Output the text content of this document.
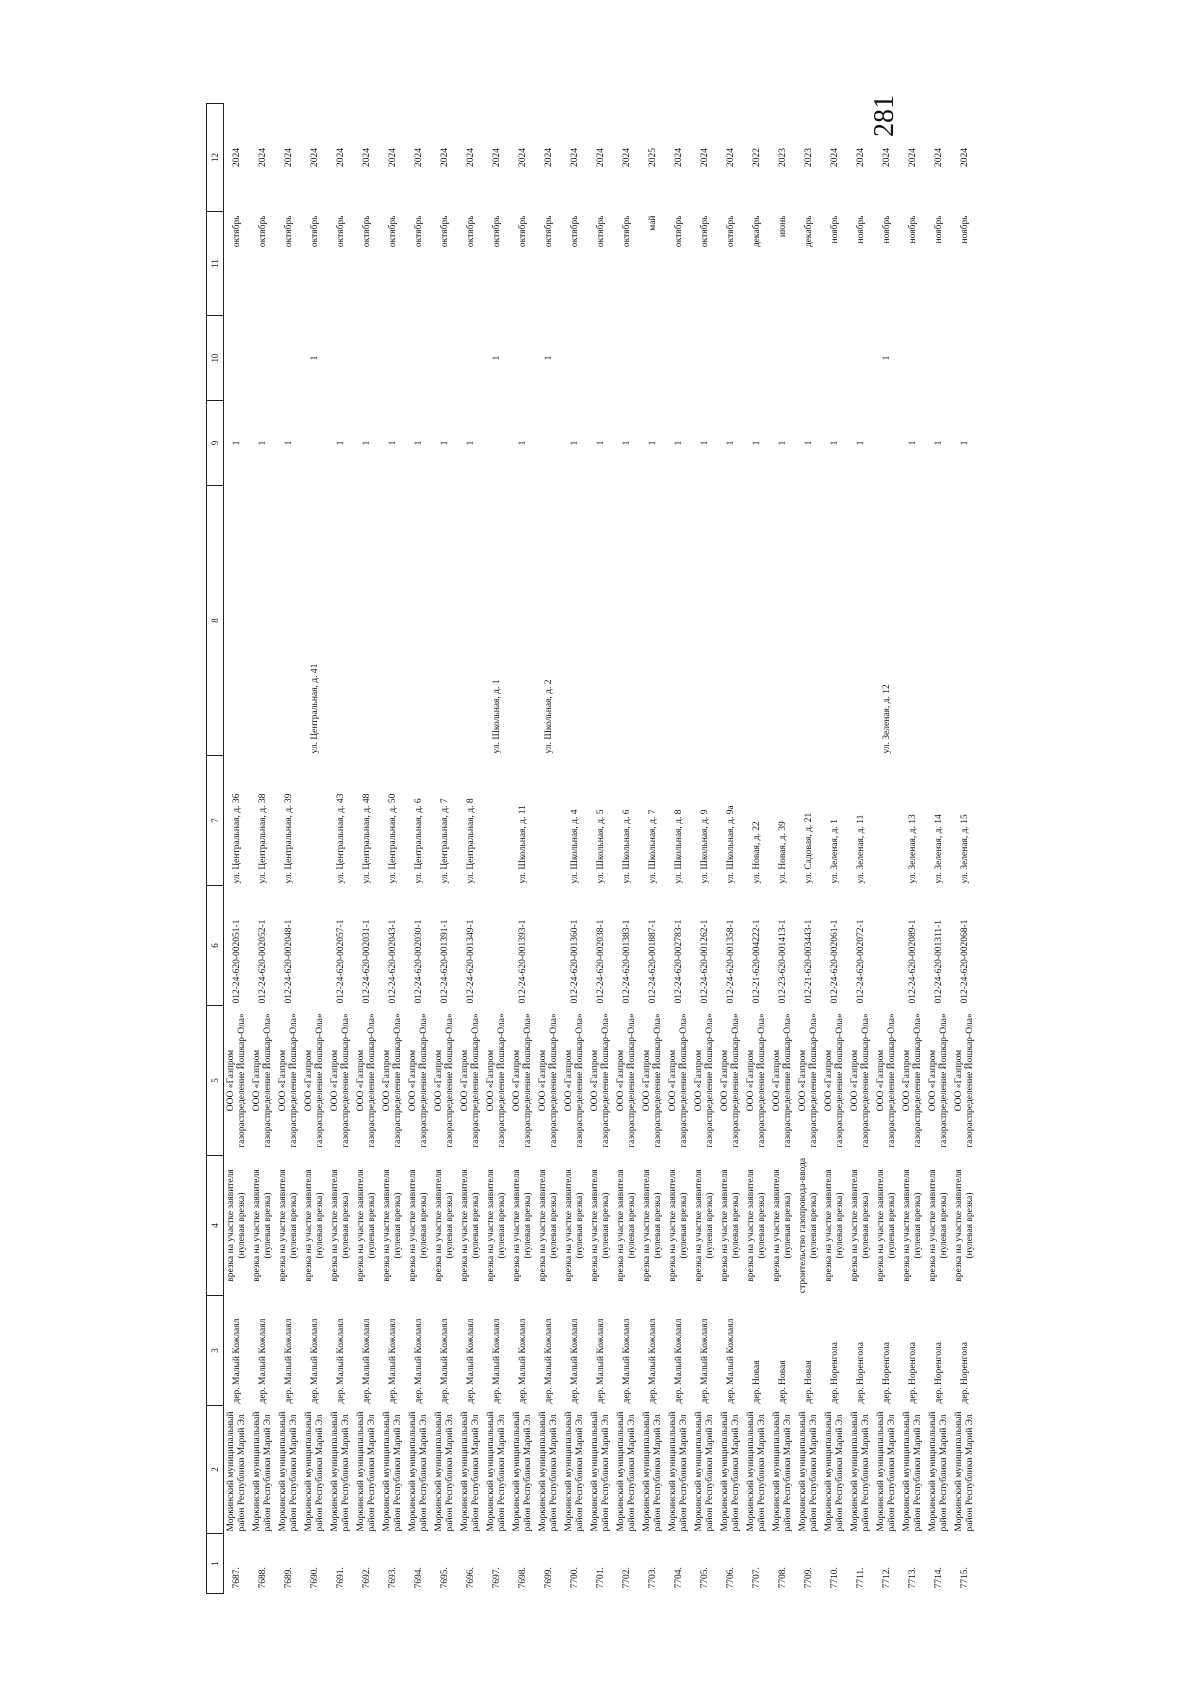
281
1	2	3	4	5	6	7	8	9	10	11	12
7687.	Моркинский муниципальный район Республики Марий Эл	дер. Малый Кожлаял	врезка на участке заявителя (нулевая врезка)	ООО «Газпром газораспределение Йошкар-Ола»	012-24-620-002051-1	ул. Центральная, д. 36		1		октябрь	2024
7688.	Моркинский муниципальный район Республики Марий Эл	дер. Малый Кожлаял	врезка на участке заявителя (нулевая врезка)	ООО «Газпром газораспределение Йошкар-Ола»	012-24-620-002052-1	ул. Центральная, д. 38		1		октябрь	2024
7689.	Моркинский муниципальный район Республики Марий Эл	дер. Малый Кожлаял	врезка на участке заявителя (нулевая врезка)	ООО «Газпром газораспределение Йошкар-Ола»	012-24-620-002048-1	ул. Центральная, д. 39		1		октябрь	2024
7690.	Моркинский муниципальный район Республики Марий Эл	дер. Малый Кожлаял	врезка на участке заявителя (нулевая врезка)	ООО «Газпром газораспределение Йошкар-Ола»			ул. Центральная, д. 41		1	октябрь	2024
7691.	Моркинский муниципальный район Республики Марий Эл	дер. Малый Кожлаял	врезка на участке заявителя (нулевая врезка)	ООО «Газпром газораспределение Йошкар-Ола»	012-24-620-002057-1	ул. Центральная, д. 43		1		октябрь	2024
7692.	Моркинский муниципальный район Республики Марий Эл	дер. Малый Кожлаял	врезка на участке заявителя (нулевая врезка)	ООО «Газпром газораспределение Йошкар-Ола»	012-24-620-002031-1	ул. Центральная, д. 48		1		октябрь	2024
7693.	Моркинский муниципальный район Республики Марий Эл	дер. Малый Кожлаял	врезка на участке заявителя (нулевая врезка)	ООО «Газпром газораспределение Йошкар-Ола»	012-24-620-002043-1	ул. Центральная, д. 50		1		октябрь	2024
7694.	Моркинский муниципальный район Республики Марий Эл	дер. Малый Кожлаял	врезка на участке заявителя (нулевая врезка)	ООО «Газпром газораспределение Йошкар-Ола»	012-24-620-002030-1	ул. Центральная, д. 6		1		октябрь	2024
7695.	Моркинский муниципальный район Республики Марий Эл	дер. Малый Кожлаял	врезка на участке заявителя (нулевая врезка)	ООО «Газпром газораспределение Йошкар-Ола»	012-24-620-001391-1	ул. Центральная, д. 7		1		октябрь	2024
7696.	Моркинский муниципальный район Республики Марий Эл	дер. Малый Кожлаял	врезка на участке заявителя (нулевая врезка)	ООО «Газпром газораспределение Йошкар-Ола»	012-24-620-001349-1	ул. Центральная, д. 8		1		октябрь	2024
7697.	Моркинский муниципальный район Республики Марий Эл	дер. Малый Кожлаял	врезка на участке заявителя (нулевая врезка)	ООО «Газпром газораспределение Йошкар-Ола»			ул. Школьная, д. 1		1	октябрь	2024
7698.	Моркинский муниципальный район Республики Марий Эл	дер. Малый Кожлаял	врезка на участке заявителя (нулевая врезка)	ООО «Газпром газораспределение Йошкар-Ола»	012-24-620-001393-1	ул. Школьная, д. 11		1		октябрь	2024
7699.	Моркинский муниципальный район Республики Марий Эл	дер. Малый Кожлаял	врезка на участке заявителя (нулевая врезка)	ООО «Газпром газораспределение Йошкар-Ола»			ул. Школьная, д. 2		1	октябрь	2024
7700.	Моркинский муниципальный район Республики Марий Эл	дер. Малый Кожлаял	врезка на участке заявителя (нулевая врезка)	ООО «Газпром газораспределение Йошкар-Ола»	012-24-620-001360-1	ул. Школьная, д. 4		1		октябрь	2024
7701.	Моркинский муниципальный район Республики Марий Эл	дер. Малый Кожлаял	врезка на участке заявителя (нулевая врезка)	ООО «Газпром газораспределение Йошкар-Ола»	012-24-620-002038-1	ул. Школьная, д. 5		1		октябрь	2024
7702.	Моркинский муниципальный район Республики Марий Эл	дер. Малый Кожлаял	врезка на участке заявителя (нулевая врезка)	ООО «Газпром газораспределение Йошкар-Ола»	012-24-620-001383-1	ул. Школьная, д. 6		1		октябрь	2024
7703.	Моркинский муниципальный район Республики Марий Эл	дер. Малый Кожлаял	врезка на участке заявителя (нулевая врезка)	ООО «Газпром газораспределение Йошкар-Ола»	012-24-620-001887-1	ул. Школьная, д. 7		1		май	2025
7704.	Моркинский муниципальный район Республики Марий Эл	дер. Малый Кожлаял	врезка на участке заявителя (нулевая врезка)	ООО «Газпром газораспределение Йошкар-Ола»	012-24-620-002783-1	ул. Школьная, д. 8		1		октябрь	2024
7705.	Моркинский муниципальный район Республики Марий Эл	дер. Малый Кожлаял	врезка на участке заявителя (нулевая врезка)	ООО «Газпром газораспределение Йошкар-Ола»	012-24-620-001262-1	ул. Школьная, д. 9		1		октябрь	2024
7706.	Моркинский муниципальный район Республики Марий Эл	дер. Малый Кожлаял	врезка на участке заявителя (нулевая врезка)	ООО «Газпром газораспределение Йошкар-Ола»	012-24-620-001358-1	ул. Школьная, д. 9а		1		октябрь	2024
7707.	Моркинский муниципальный район Республики Марий Эл	дер. Новая	врезка на участке заявителя (нулевая врезка)	ООО «Газпром газораспределение Йошкар-Ола»	012-21-620-004222-1	ул. Новая, д. 22		1		декабрь	2022
7708.	Моркинский муниципальный район Республики Марий Эл	дер. Новая	врезка на участке заявителя (нулевая врезка)	ООО «Газпром газораспределение Йошкар-Ола»	012-23-620-001413-1	ул. Новая, д. 39		1		июнь	2023
7709.	Моркинский муниципальный район Республики Марий Эл	дер. Новая	строительство газопровода-ввода (нулевая врезка)	ООО «Газпром газораспределение Йошкар-Ола»	012-21-620-003443-1	ул. Садовая, д. 21		1		декабрь	2023
7710.	Моркинский муниципальный район Республики Марий Эл	дер. Норенгола	врезка на участке заявителя (нулевая врезка)	ООО «Газпром газораспределение Йошкар-Ола»	012-24-620-002061-1	ул. Зеленая, д. 1		1		ноябрь	2024
7711.	Моркинский муниципальный район Республики Марий Эл	дер. Норенгола	врезка на участке заявителя (нулевая врезка)	ООО «Газпром газораспределение Йошкар-Ола»	012-24-620-002072-1	ул. Зеленая, д. 11		1		ноябрь	2024
7712.	Моркинский муниципальный район Республики Марий Эл	дер. Норенгола	врезка на участке заявителя (нулевая врезка)	ООО «Газпром газораспределение Йошкар-Ола»			ул. Зеленая, д. 12		1	ноябрь	2024
7713.	Моркинский муниципальный район Республики Марий Эл	дер. Норенгола	врезка на участке заявителя (нулевая врезка)	ООО «Газпром газораспределение Йошкар-Ола»	012-24-620-002089-1	ул. Зеленая, д. 13		1		ноябрь	2024
7714.	Моркинский муниципальный район Республики Марий Эл	дер. Норенгола	врезка на участке заявителя (нулевая врезка)	ООО «Газпром газораспределение Йошкар-Ола»	012-24-620-001311-1	ул. Зеленая, д. 14		1		ноябрь	2024
7715.	Моркинский муниципальный район Республики Марий Эл	дер. Норенгола	врезка на участке заявителя (нулевая врезка)	ООО «Газпром газораспределение Йошкар-Ола»	012-24-620-002068-1	ул. Зеленая, д. 15		1		ноябрь	2024
